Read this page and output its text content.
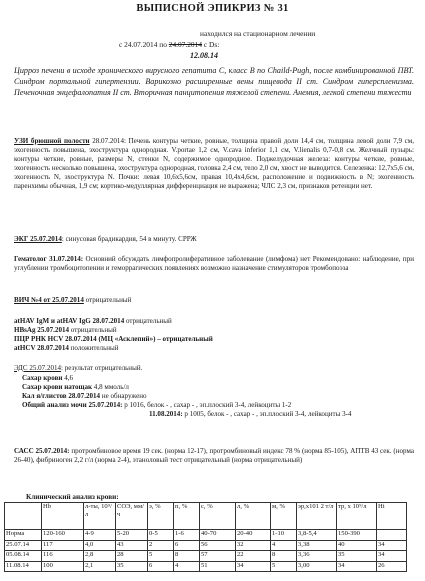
ВЫПИСНОЙ ЭПИКРИЗ № 31
находился на стационарном лечении
с 24.07.2014 по 24.07.2014 с Ds:
12.08.14
Цирроз печени в исходе хронического вирусного гепатита С, класс В по Chaild-Pugh, после комбинированной ПВТ. Синдром портальной гипертензии. Варикозно расширенные вены пищевода II ст. Синдром гиперспленизма. Печеночная энцефалопатия II ст. Вторичная панцитопения тяжелой степени. Анемия, легкой степени тяжести
УЗИ брюшной полости 28.07.2014: Печень контуры четкие, ровные, толщина правой доли 14,4 см, толщина левой доли 7,9 см, эхогенность повышена, эхоструктура однородная. V.portae 1,2 см, V.cava inferior 1,1 см, V.lienalis 0,7-0,8 см. Желчный пузырь: контуры четкие, ровные, размеры N, стенки N, содержимое однородное. Поджелудочная железа: контуры четкие, ровные, эхогенность несколько повышена, эхоструктура однородная, головка 2,4 см, тело 2,0 см, хвост не выводится. Селезенка: 12,7х5,6 см, эхогенность N, эхоструктура N. Почки: левая 10,6х5,6см, правая 10,4х4,6см, расположение и подвижность в N; эхогенность паренхимы обычная, 1,9 см; кортико-медуллярная дифференциация не выражена; ЧЛС 2,3 см, признаков ретенции нет.
ЭКГ 25.07.2014: синусовая брадикардия, 54 в минуту. СРРЖ
Гематолог 31.07.2014: Основний обсуждать лимфопролиферативное заболевание (лимфома) нет Рекомендовано: наблюдение, при углублении тромбоцитопении и геморрагических появлениях возможно назначение стимуляторов тромбопоэза
ВИЧ №4 от 25.07.2014 отрицательный
atHAV IgM и atHAV IgG 28.07.2014 отрицательный
HBsAg 25.07.2014 отрицательный
ПЦР РНК HCV 28.07.2014 (МЦ «Асклепий») – отрицательный
atHCV 28.07.2014 положительный
ЭДС 25.07.2014: результат отрицательный.
Сахар крови 4,6
Сахар крови натощак 4,8 ммоль/л
Кал я/глистов 28.07.2014 не обнаружено
Общий анализ мочи 25.07.2014: р 1016, белок - , сахар - , эп.плоский 3-4, лейкоциты 1-2
11.08.2014: р 1005, белок - , сахар - , эп.плоский 3-4, лейкоциты 3-4
САСС 25.07.2014: протромбиновое время 19 сек. (норма 12-17), протромбиновый индекс 78 % (норма 85-105), АПТВ 43 сек. (норма 26-40), фибриноген 2,2 г/л (норма 2-4), этаноловый тест отрицательный (норма отрицательный)
Клинический анализ крови:
	Hb	л-ты, 10⁹/л	СОЭ, мм/ч	э, %	п, %	с, %	л, %	м, %	эр,х101 2 т/л	тр, х 10⁹/л	Ht
Норма	120-160	4-9	5-20	0-5	1-6	40-70	20-40	1-10	3,8-5,4	150-390	
25.07.14	117	4,0	43	2	6	56	32	4	3,38	40	34
05.08.14	116	2,8	28	5	8	57	22	8	3,36	35	34
11.08.14	100	2,1	35	6	4	51	34	5	3,00	34	26
